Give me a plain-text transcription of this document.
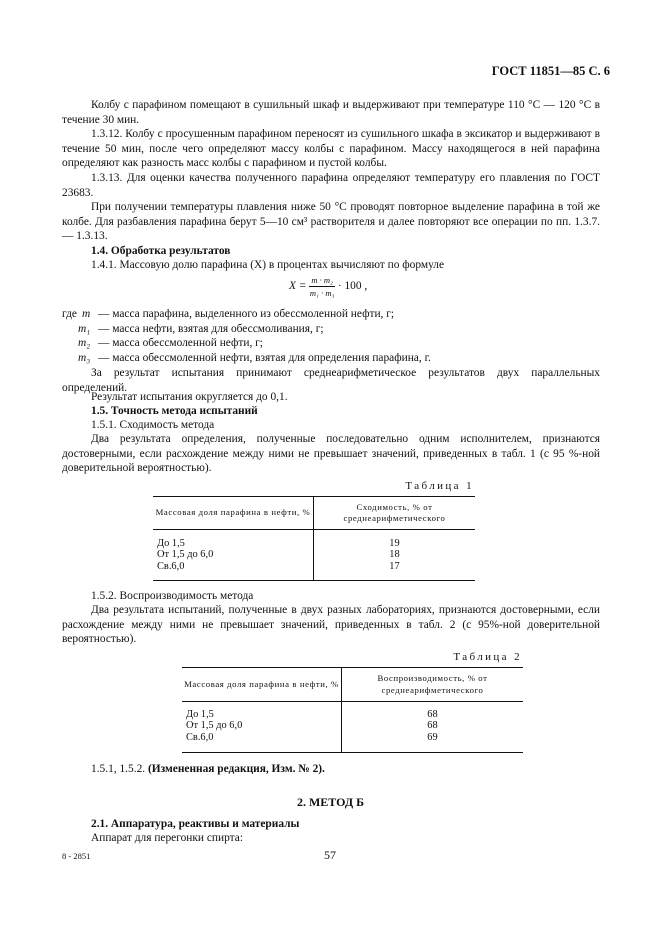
ГОСТ 11851—85 С. 6
Колбу с парафином помещают в сушильный шкаф и выдерживают при температуре 110 °С — 120 °С в течение 30 мин.
1.3.12. Колбу с просушенным парафином переносят из сушильного шкафа в эксикатор и выдерживают в течение 50 мин, после чего определяют массу колбы с парафином. Массу находящегося в ней парафина определяют как разность масс колбы с парафином и пустой колбы.
1.3.13. Для оценки качества полученного парафина определяют температуру его плавления по ГОСТ 23683.
При получении температуры плавления ниже 50 °С проводят повторное выделение парафина в той же колбе. Для разбавления парафина берут 5—10 см³ растворителя и далее повторяют все операции по пп. 1.3.7.— 1.3.13.
1.4. Обработка результатов
1.4.1. Массовую долю парафина (X) в процентах вычисляют по формуле
$X = \frac{\text{m · m₂}}{\text{m₁ · m₃}} \cdot 100$ ,
где m — масса парафина, выделенного из обессмоленной нефти, г;
m₁ — масса нефти, взятая для обессмоливания, г;
m₂ — масса обессмоленной нефти, г;
m₃ — масса обессмоленной нефти, взятая для определения парафина, г.
За результат испытания принимают среднеарифметическое результатов двух параллельных определений.
Результат испытания округляется до 0,1.
1.5. Точность метода испытаний
1.5.1. Сходимость метода
Два результата определения, полученные последовательно одним исполнителем, признаются достоверными, если расхождение между ними не превышает значений, приведенных в табл. 1 (с 95 %-ной доверительной вероятностью).
Таблица 1
Массовая доля парафина в нефти, %	Сходимость, % от среднеарифметического

До 1,5	19
От 1,5 до 6,0	18
Св.6,0	17

1.5.2. Воспроизводимость метода
Два результата испытаний, полученные в двух разных лабораториях, признаются достоверными, если расхождение между ними не превышает значений, приведенных в табл. 2 (с 95%-ной доверительной вероятностью).
Таблица 2
Массовая доля парафина в нефти, %	Воспроизводимость, % от среднеарифметического

До 1,5	68
От 1,5 до 6,0	68
Св.6,0	69

1.5.1, 1.5.2. (Измененная редакция, Изм. № 2).
2. МЕТОД Б
2.1. Аппаратура, реактивы и материалы
Аппарат для перегонки спирта:
8 - 2851	57
